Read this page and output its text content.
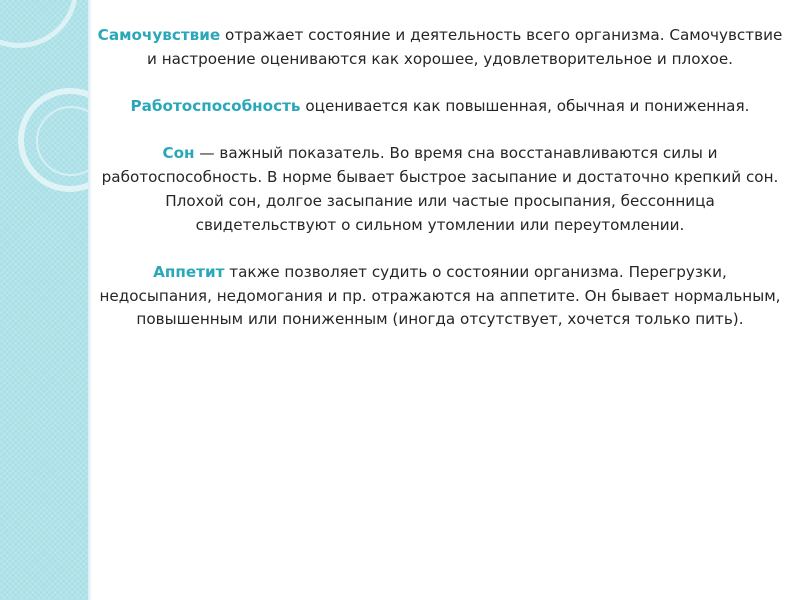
Самочувствие отражает состояние и деятельность всего организма. Самочувствие и настроение оцениваются как хорошее, удовлетворительное и плохое.

Работоспособность оценивается как повышенная, обычная и пониженная.

Сон — важный показатель. Во время сна восстанавливаются силы и работоспособность. В норме бывает быстрое засыпание и достаточно крепкий сон. Плохой сон, долгое засыпание или частые просыпания, бессонница свидетельствуют о сильном утомлении или переутомлении.

Аппетит также позволяет судить о состоянии организма. Перегрузки, недосыпания, недомогания и пр. отражаются на аппетите. Он бывает нормальным, повышенным или пониженным (иногда отсутствует, хочется только пить).
